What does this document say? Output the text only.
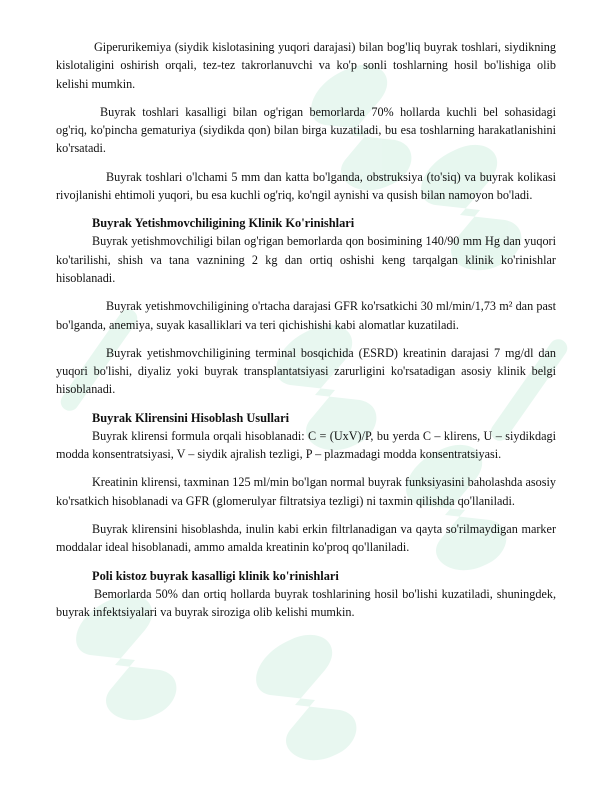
Giperurikemiya (siydik kislotasining yuqori darajasi) bilan bog'liq buyrak toshlari, siydikning kislotaligini oshirish orqali, tez-tez takrorlanuvchi va ko'p sonli toshlarning hosil bo'lishiga olib kelishi mumkin.

Buyrak toshlari kasalligi bilan og'rigan bemorlarda 70% hollarda kuchli bel sohasidagi og'riq, ko'pincha gematuriya (siydikda qon) bilan birga kuzatiladi, bu esa toshlarning harakatlanishini ko'rsatadi.

Buyrak toshlari o'lchami 5 mm dan katta bo'lganda, obstruksiya (to'siq) va buyrak kolikasi rivojlanishi ehtimoli yuqori, bu esa kuchli og'riq, ko'ngil aynishi va qusish bilan namoyon bo'ladi.

Buyrak Yetishmovchiligining Klinik Ko'rinishlari

Buyrak yetishmovchiligi bilan og'rigan bemorlarda qon bosimining 140/90 mm Hg dan yuqori ko'tarilishi, shish va tana vaznining 2 kg dan ortiq oshishi keng tarqalgan klinik ko'rinishlar hisoblanadi.

Buyrak yetishmovchiligining o'rtacha darajasi GFR ko'rsatkichi 30 ml/min/1,73 m² dan past bo'lganda, anemiya, suyak kasalliklari va teri qichishishi kabi alomatlar kuzatiladi.

Buyrak yetishmovchiligining terminal bosqichida (ESRD) kreatinin darajasi 7 mg/dl dan yuqori bo'lishi, diyaliz yoki buyrak transplantatsiyasi zarurligini ko'rsatadigan asosiy klinik belgi hisoblanadi.

Buyrak Klirensini Hisoblash Usullari

Buyrak klirensi formula orqali hisoblanadi: C = (UxV)/P, bu yerda C – klirens, U – siydikdagi modda konsentratsiyasi, V – siydik ajralish tezligi, P – plazmadagi modda konsentratsiyasi.

Kreatinin klirensi, taxminan 125 ml/min bo'lgan normal buyrak funksiyasini baholashda asosiy ko'rsatkich hisoblanadi va GFR (glomerulyar filtratsiya tezligi) ni taxmin qilishda qo'llaniladi.

Buyrak klirensini hisoblashda, inulin kabi erkin filtrlanadigan va qayta so'rilmaydigan marker moddalar ideal hisoblanadi, ammo amalda kreatinin ko'proq qo'llaniladi.

Poli kistoz buyrak kasalligi klinik ko'rinishlari

Bemorlarda 50% dan ortiq hollarda buyrak toshlarining hosil bo'lishi kuzatiladi, shuningdek, buyrak infektsiyalari va buyrak siroziga olib kelishi mumkin.
